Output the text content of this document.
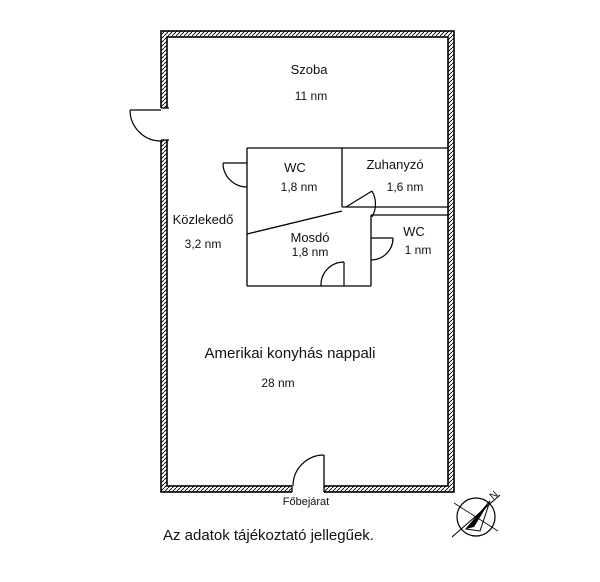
Szoba
11 nm
WC
1,8 nm
Zuhanyzó
1,6 nm
Közlekedő
3,2 nm	Mosdó
1,8 nm
WC
1 nm
Amerikai konyhás nappali
28 nm
Főbejárat	N
Az adatok tájékoztató jellegűek.
